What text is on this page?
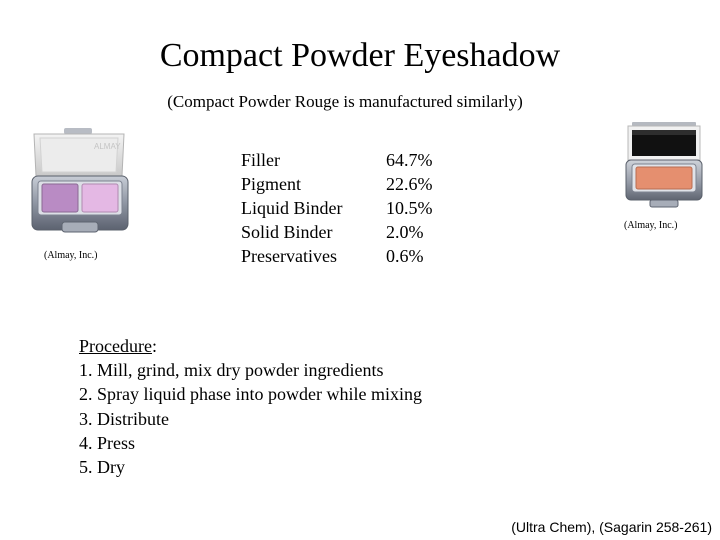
Compact Powder Eyeshadow
(Compact Powder Rouge is manufactured similarly)
ALMAY
(Almay, Inc.)
Filler	64.7%
Pigment	22.6%
Liquid Binder 10.5%
Solid Binder	2.0%
Preservatives	0.6%
(Almay, Inc.)
Procedure:
1. Mill, grind, mix dry powder ingredients
2. Spray liquid phase into powder while mixing
3. Distribute
4. Press
5. Dry
(Ultra Chem), (Sagarin 258-261)
